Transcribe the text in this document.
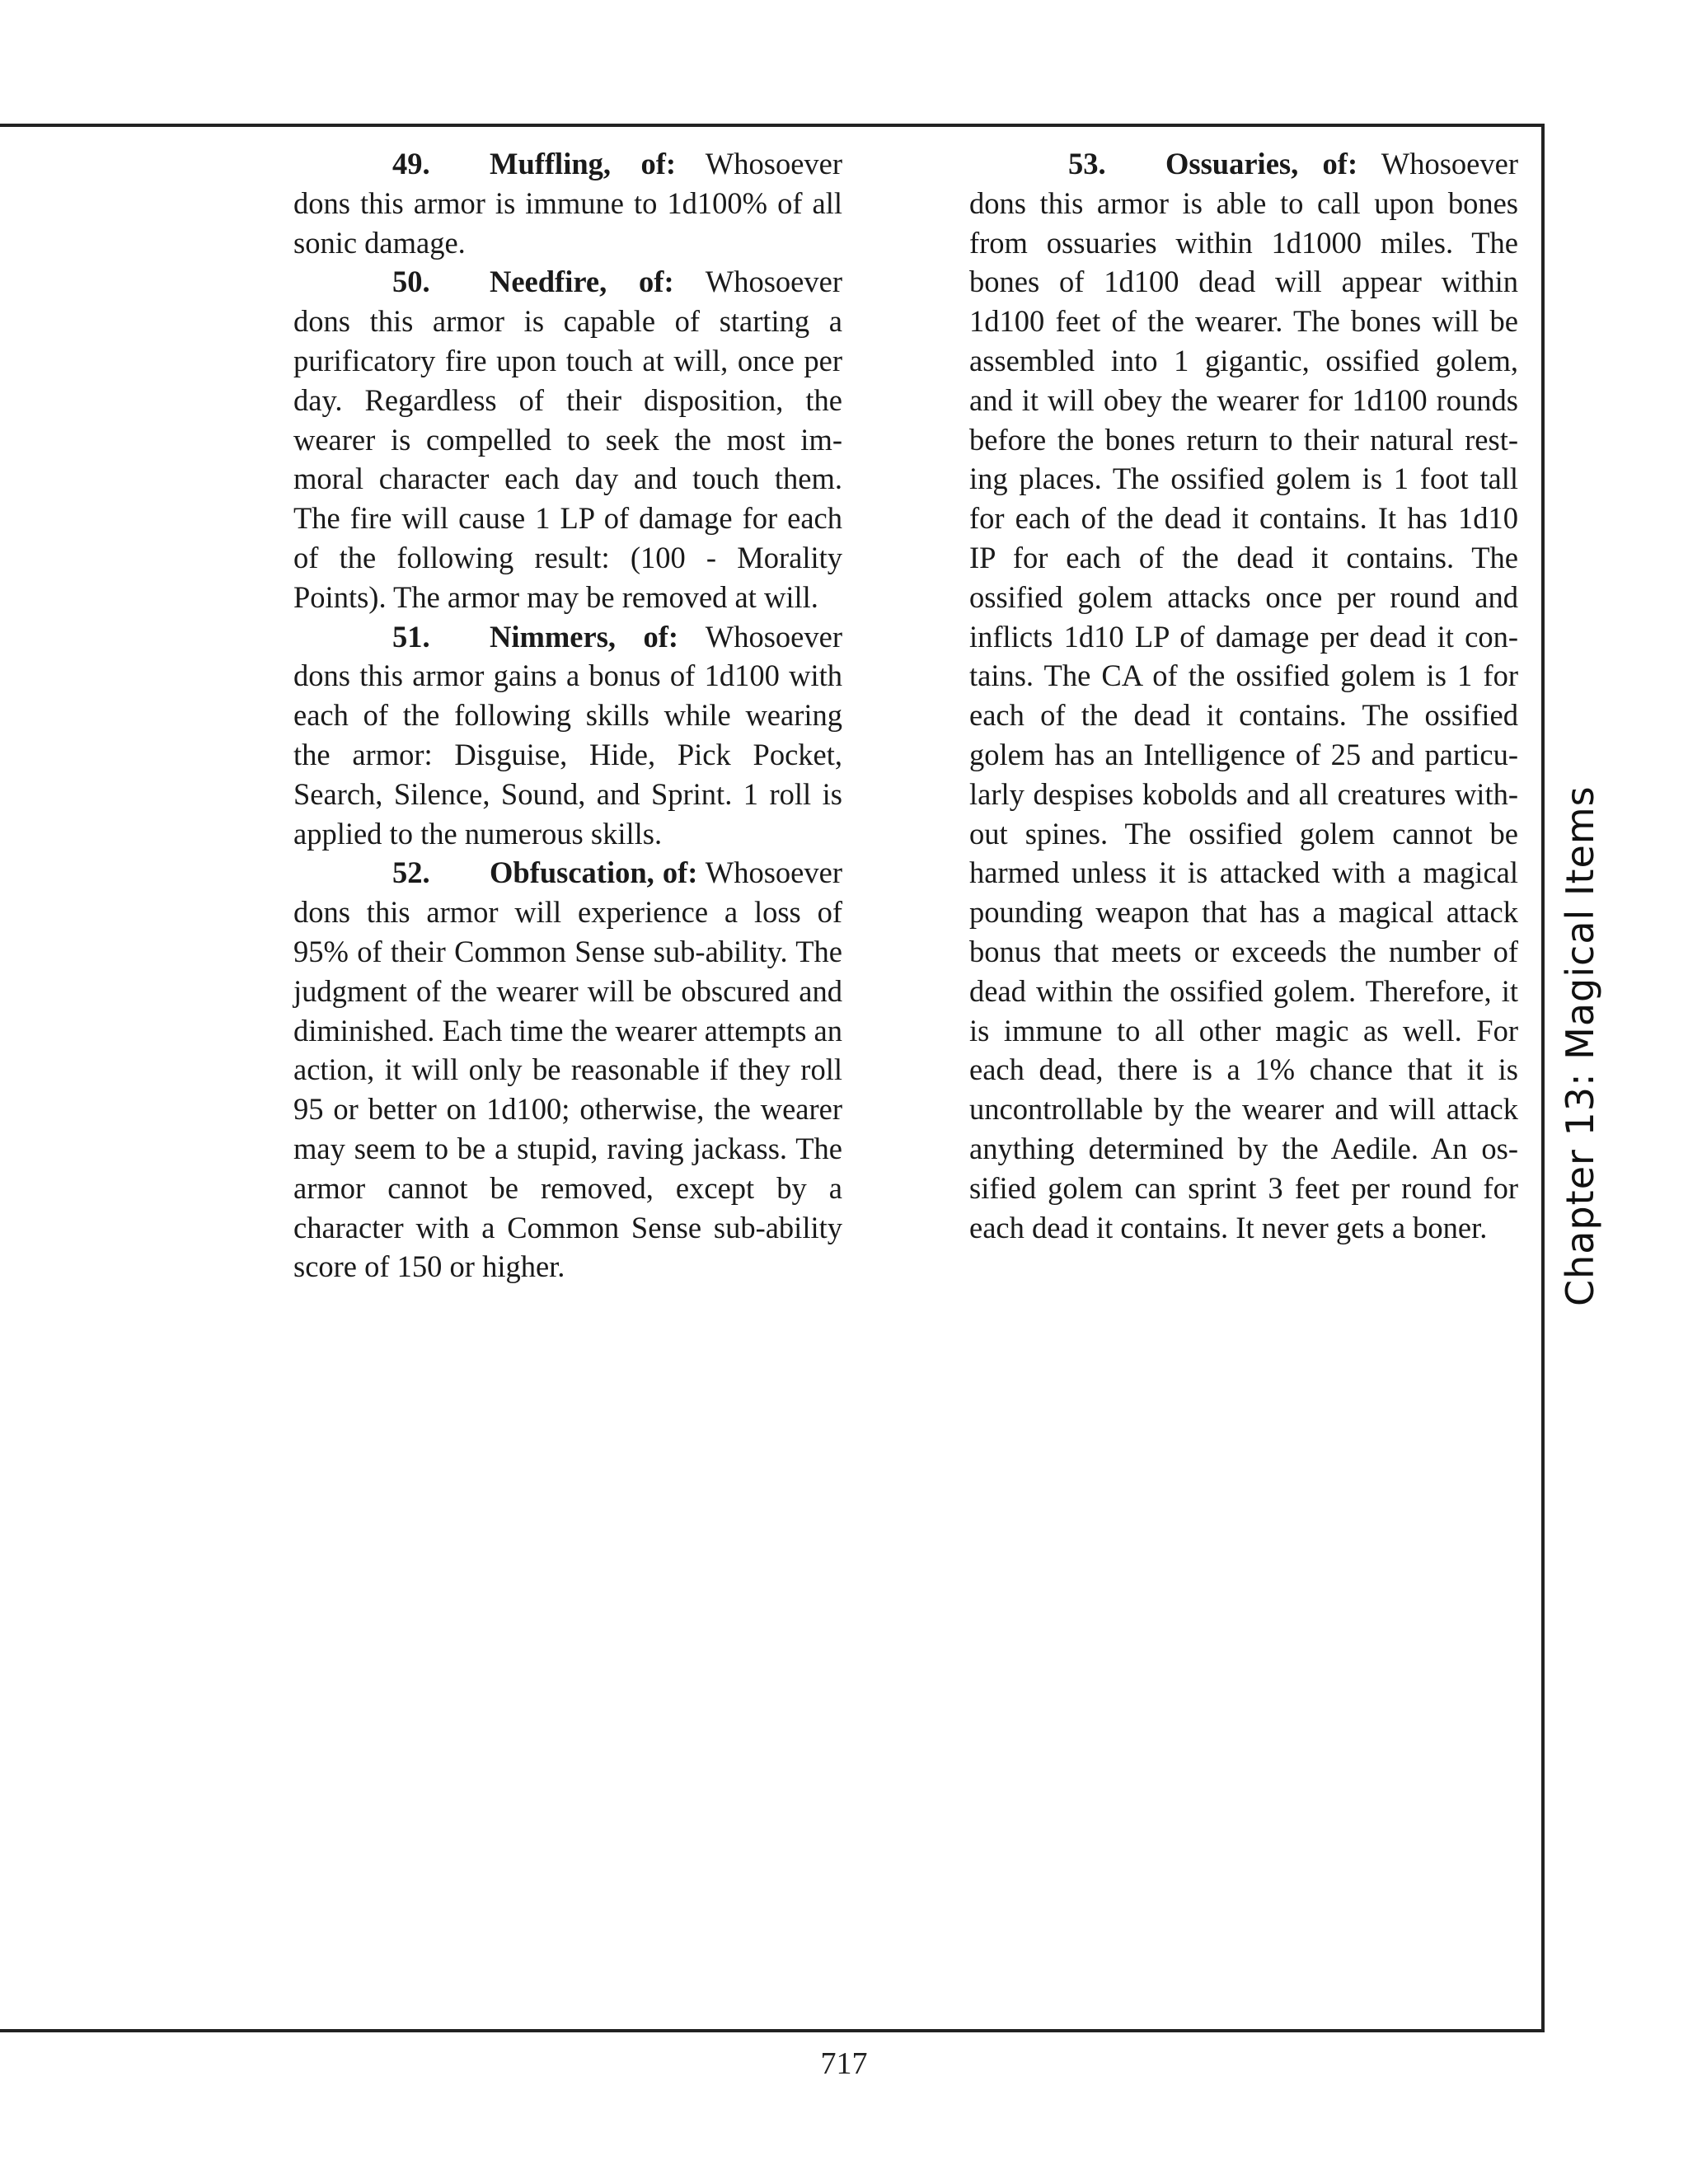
49. Muffling, of: Whosoever dons this armor is immune to 1d100% of all sonic damage.

50. Needfire, of: Whosoever dons this armor is capable of starting a purificatory fire upon touch at will, once per day. Regardless of their disposition, the wearer is compelled to seek the most immoral character each day and touch them. The fire will cause 1 LP of damage for each of the following result: (100 - Morality Points). The armor may be removed at will.

51. Nimmers, of: Whosoever dons this armor gains a bonus of 1d100 with each of the following skills while wearing the armor: Disguise, Hide, Pick Pocket, Search, Silence, Sound, and Sprint. 1 roll is applied to the numerous skills.

52. Obfuscation, of: Whosoever dons this armor will experience a loss of 95% of their Common Sense sub-ability. The judgment of the wearer will be obscured and diminished. Each time the wearer attempts an action, it will only be reasonable if they roll 95 or better on 1d100; otherwise, the wearer may seem to be a stupid, raving jackass. The armor cannot be removed, except by a character with a Common Sense sub-ability score of 150 or higher.

53. Ossuaries, of: Whosoever dons this armor is able to call upon bones from ossuaries within 1d1000 miles. The bones of 1d100 dead will appear within 1d100 feet of the wearer. The bones will be assembled into 1 gigantic, ossified golem, and it will obey the wearer for 1d100 rounds before the bones return to their natural resting places. The ossified golem is 1 foot tall for each of the dead it contains. It has 1d10 IP for each of the dead it contains. The ossified golem attacks once per round and inflicts 1d10 LP of damage per dead it contains. The CA of the ossified golem is 1 for each of the dead it contains. The ossified golem has an Intelligence of 25 and particularly despises kobolds and all creatures without spines. The ossified golem cannot be harmed unless it is attacked with a magical pounding weapon that has a magical attack bonus that meets or exceeds the number of dead within the ossified golem. Therefore, it is immune to all other magic as well. For each dead, there is a 1% chance that it is uncontrollable by the wearer and will attack anything determined by the Aedile. An ossified golem can sprint 3 feet per round for each dead it contains. It never gets a boner.	Chapter 13: Magical Items
717
